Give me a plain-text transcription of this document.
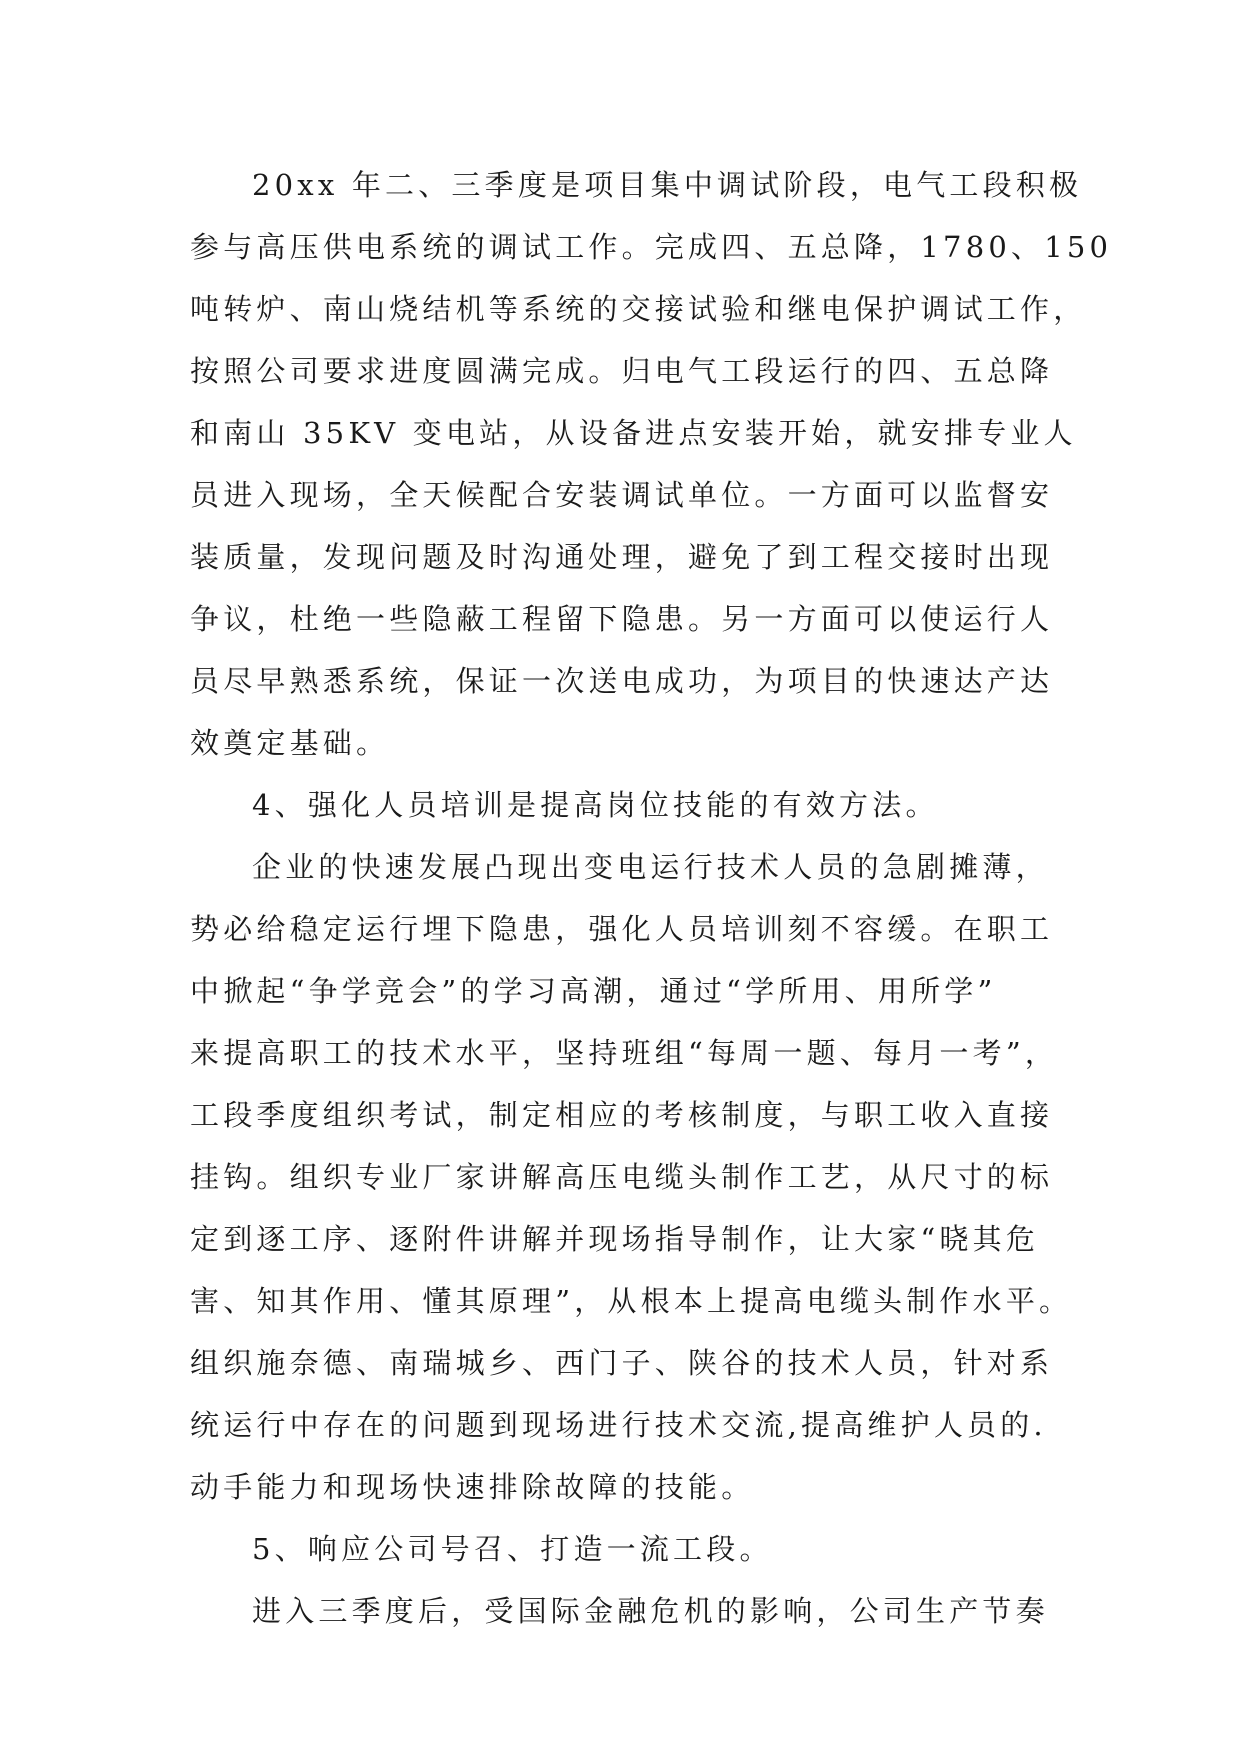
20xx 年二、三季度是项目集中调试阶段，电气工段积极
参与高压供电系统的调试工作。完成四、五总降，1780、150
吨转炉、南山烧结机等系统的交接试验和继电保护调试工作，
按照公司要求进度圆满完成。归电气工段运行的四、五总降
和南山 35KV 变电站，从设备进点安装开始，就安排专业人
员进入现场，全天候配合安装调试单位。一方面可以监督安
装质量，发现问题及时沟通处理，避免了到工程交接时出现
争议，杜绝一些隐蔽工程留下隐患。另一方面可以使运行人
员尽早熟悉系统，保证一次送电成功，为项目的快速达产达
效奠定基础。
4、强化人员培训是提高岗位技能的有效方法。
企业的快速发展凸现出变电运行技术人员的急剧摊薄，
势必给稳定运行埋下隐患，强化人员培训刻不容缓。在职工
中掀起“争学竞会”的学习高潮，通过“学所用、用所学”
来提高职工的技术水平，坚持班组“每周一题、每月一考”，
工段季度组织考试，制定相应的考核制度，与职工收入直接
挂钩。组织专业厂家讲解高压电缆头制作工艺，从尺寸的标
定到逐工序、逐附件讲解并现场指导制作，让大家“晓其危
害、知其作用、懂其原理”，从根本上提高电缆头制作水平。
组织施奈德、南瑞城乡、西门子、陕谷的技术人员，针对系
统运行中存在的问题到现场进行技术交流,提高维护人员的.
动手能力和现场快速排除故障的技能。
5、响应公司号召、打造一流工段。
进入三季度后，受国际金融危机的影响，公司生产节奏
